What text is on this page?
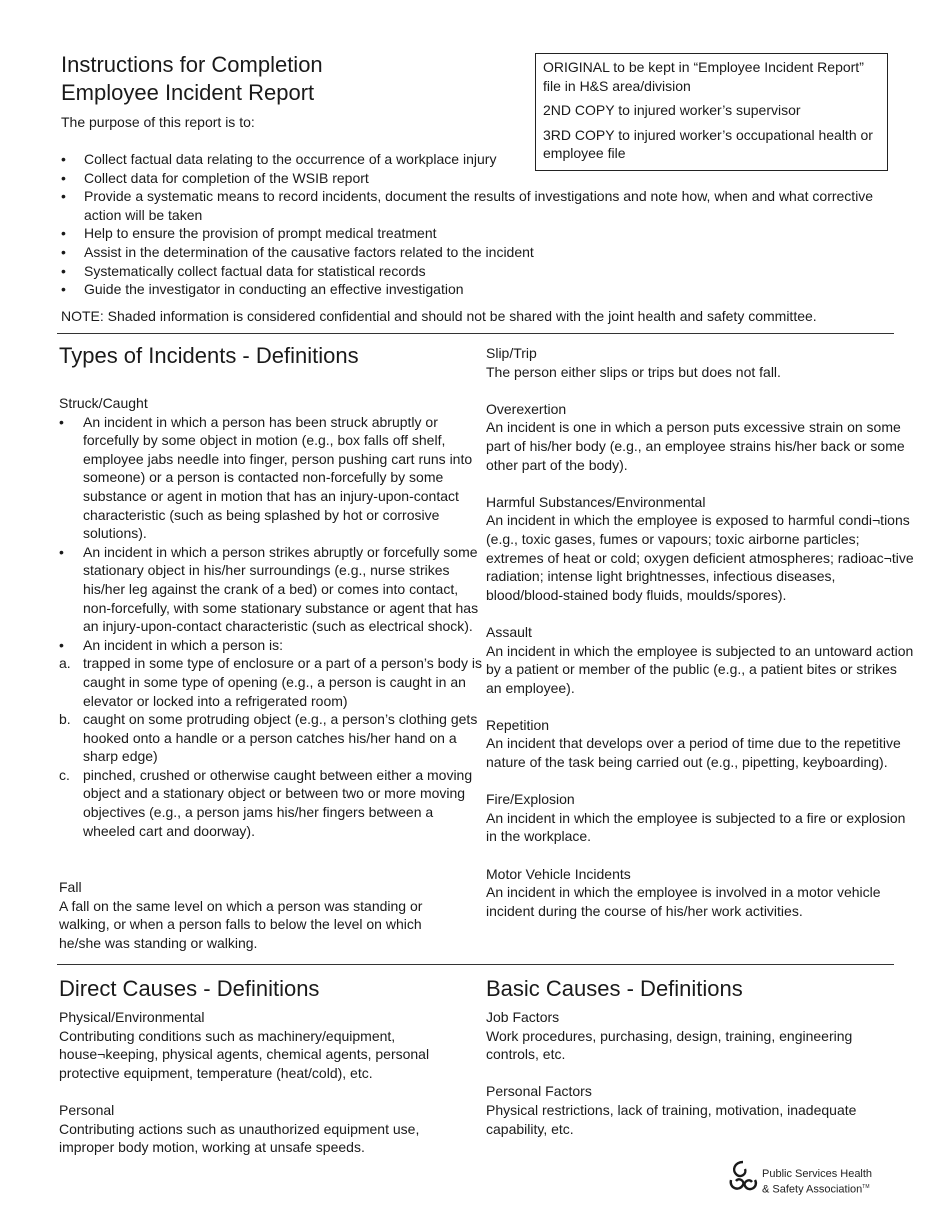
Instructions for Completion
Employee Incident Report
The purpose of this report is to:

ORIGINAL to be kept in “Employee Incident Report” file in H&S area/division

2ND COPY to injured worker’s supervisor

3RD COPY to injured worker’s occupational health or employee file

• Collect factual data relating to the occurrence of a workplace injury
• Collect data for completion of the WSIB report
• Provide a systematic means to record incidents, document the results of investigations and note how, when and what corrective action will be taken
• Help to ensure the provision of prompt medical treatment
• Assist in the determination of the causative factors related to the incident
• Systematically collect factual data for statistical records
• Guide the investigator in conducting an effective investigation
NOTE: Shaded information is considered confidential and should not be shared with the joint health and safety committee.
Types of Incidents - Definitions
Struck/Caught
• An incident in which a person has been struck abruptly or forcefully by some object in motion (e.g., box falls off shelf, employee jabs needle into finger, person pushing cart runs into someone) or a person is contacted non-forcefully by some substance or agent in motion that has an injury-upon-contact characteristic (such as being splashed by hot or corrosive solutions).
• An incident in which a person strikes abruptly or forcefully some stationary object in his/her surroundings (e.g., nurse strikes his/her leg against the crank of a bed) or comes into contact, non-forcefully, with some stationary substance or agent that has an injury-upon-contact characteristic (such as electrical shock).
• An incident in which a person is:
a. trapped in some type of enclosure or a part of a person’s body is caught in some type of opening (e.g., a person is caught in an elevator or locked into a refrigerated room)
b. caught on some protruding object (e.g., a person’s clothing gets hooked onto a handle or a person catches his/her hand on a sharp edge)
c. pinched, crushed or otherwise caught between either a moving object and a stationary object or between two or more moving objectives (e.g., a person jams his/her fingers between a wheeled cart and doorway).
Fall
A fall on the same level on which a person was standing or walking, or when a person falls to below the level on which he/she was standing or walking.
Slip/Trip
The person either slips or trips but does not fall.
Overexertion
An incident is one in which a person puts excessive strain on some part of his/her body (e.g., an employee strains his/her back or some other part of the body).
Harmful Substances/Environmental
An incident in which the employee is exposed to harmful condi¬tions (e.g., toxic gases, fumes or vapours; toxic airborne particles; extremes of heat or cold; oxygen deficient atmospheres; radioac¬tive radiation; intense light brightnesses, infectious diseases, blood/blood-stained body fluids, moulds/spores).
Assault
An incident in which the employee is subjected to an untoward action by a patient or member of the public (e.g., a patient bites or strikes an employee).
Repetition
An incident that develops over a period of time due to the repetitive nature of the task being carried out (e.g., pipetting, keyboarding).
Fire/Explosion
An incident in which the employee is subjected to a fire or explosion in the workplace.
Motor Vehicle Incidents
An incident in which the employee is involved in a motor vehicle incident during the course of his/her work activities.
Direct Causes - Definitions
Physical/Environmental
Contributing conditions such as machinery/equipment, house¬keeping, physical agents, chemical agents, personal protective equipment, temperature (heat/cold), etc.
Personal
Contributing actions such as unauthorized equipment use, improper body motion, working at unsafe speeds.
Basic Causes - Definitions
Job Factors
Work procedures, purchasing, design, training, engineering controls, etc.
Personal Factors
Physical restrictions, lack of training, motivation, inadequate capability, etc.
Public Services Health
& Safety Association™
